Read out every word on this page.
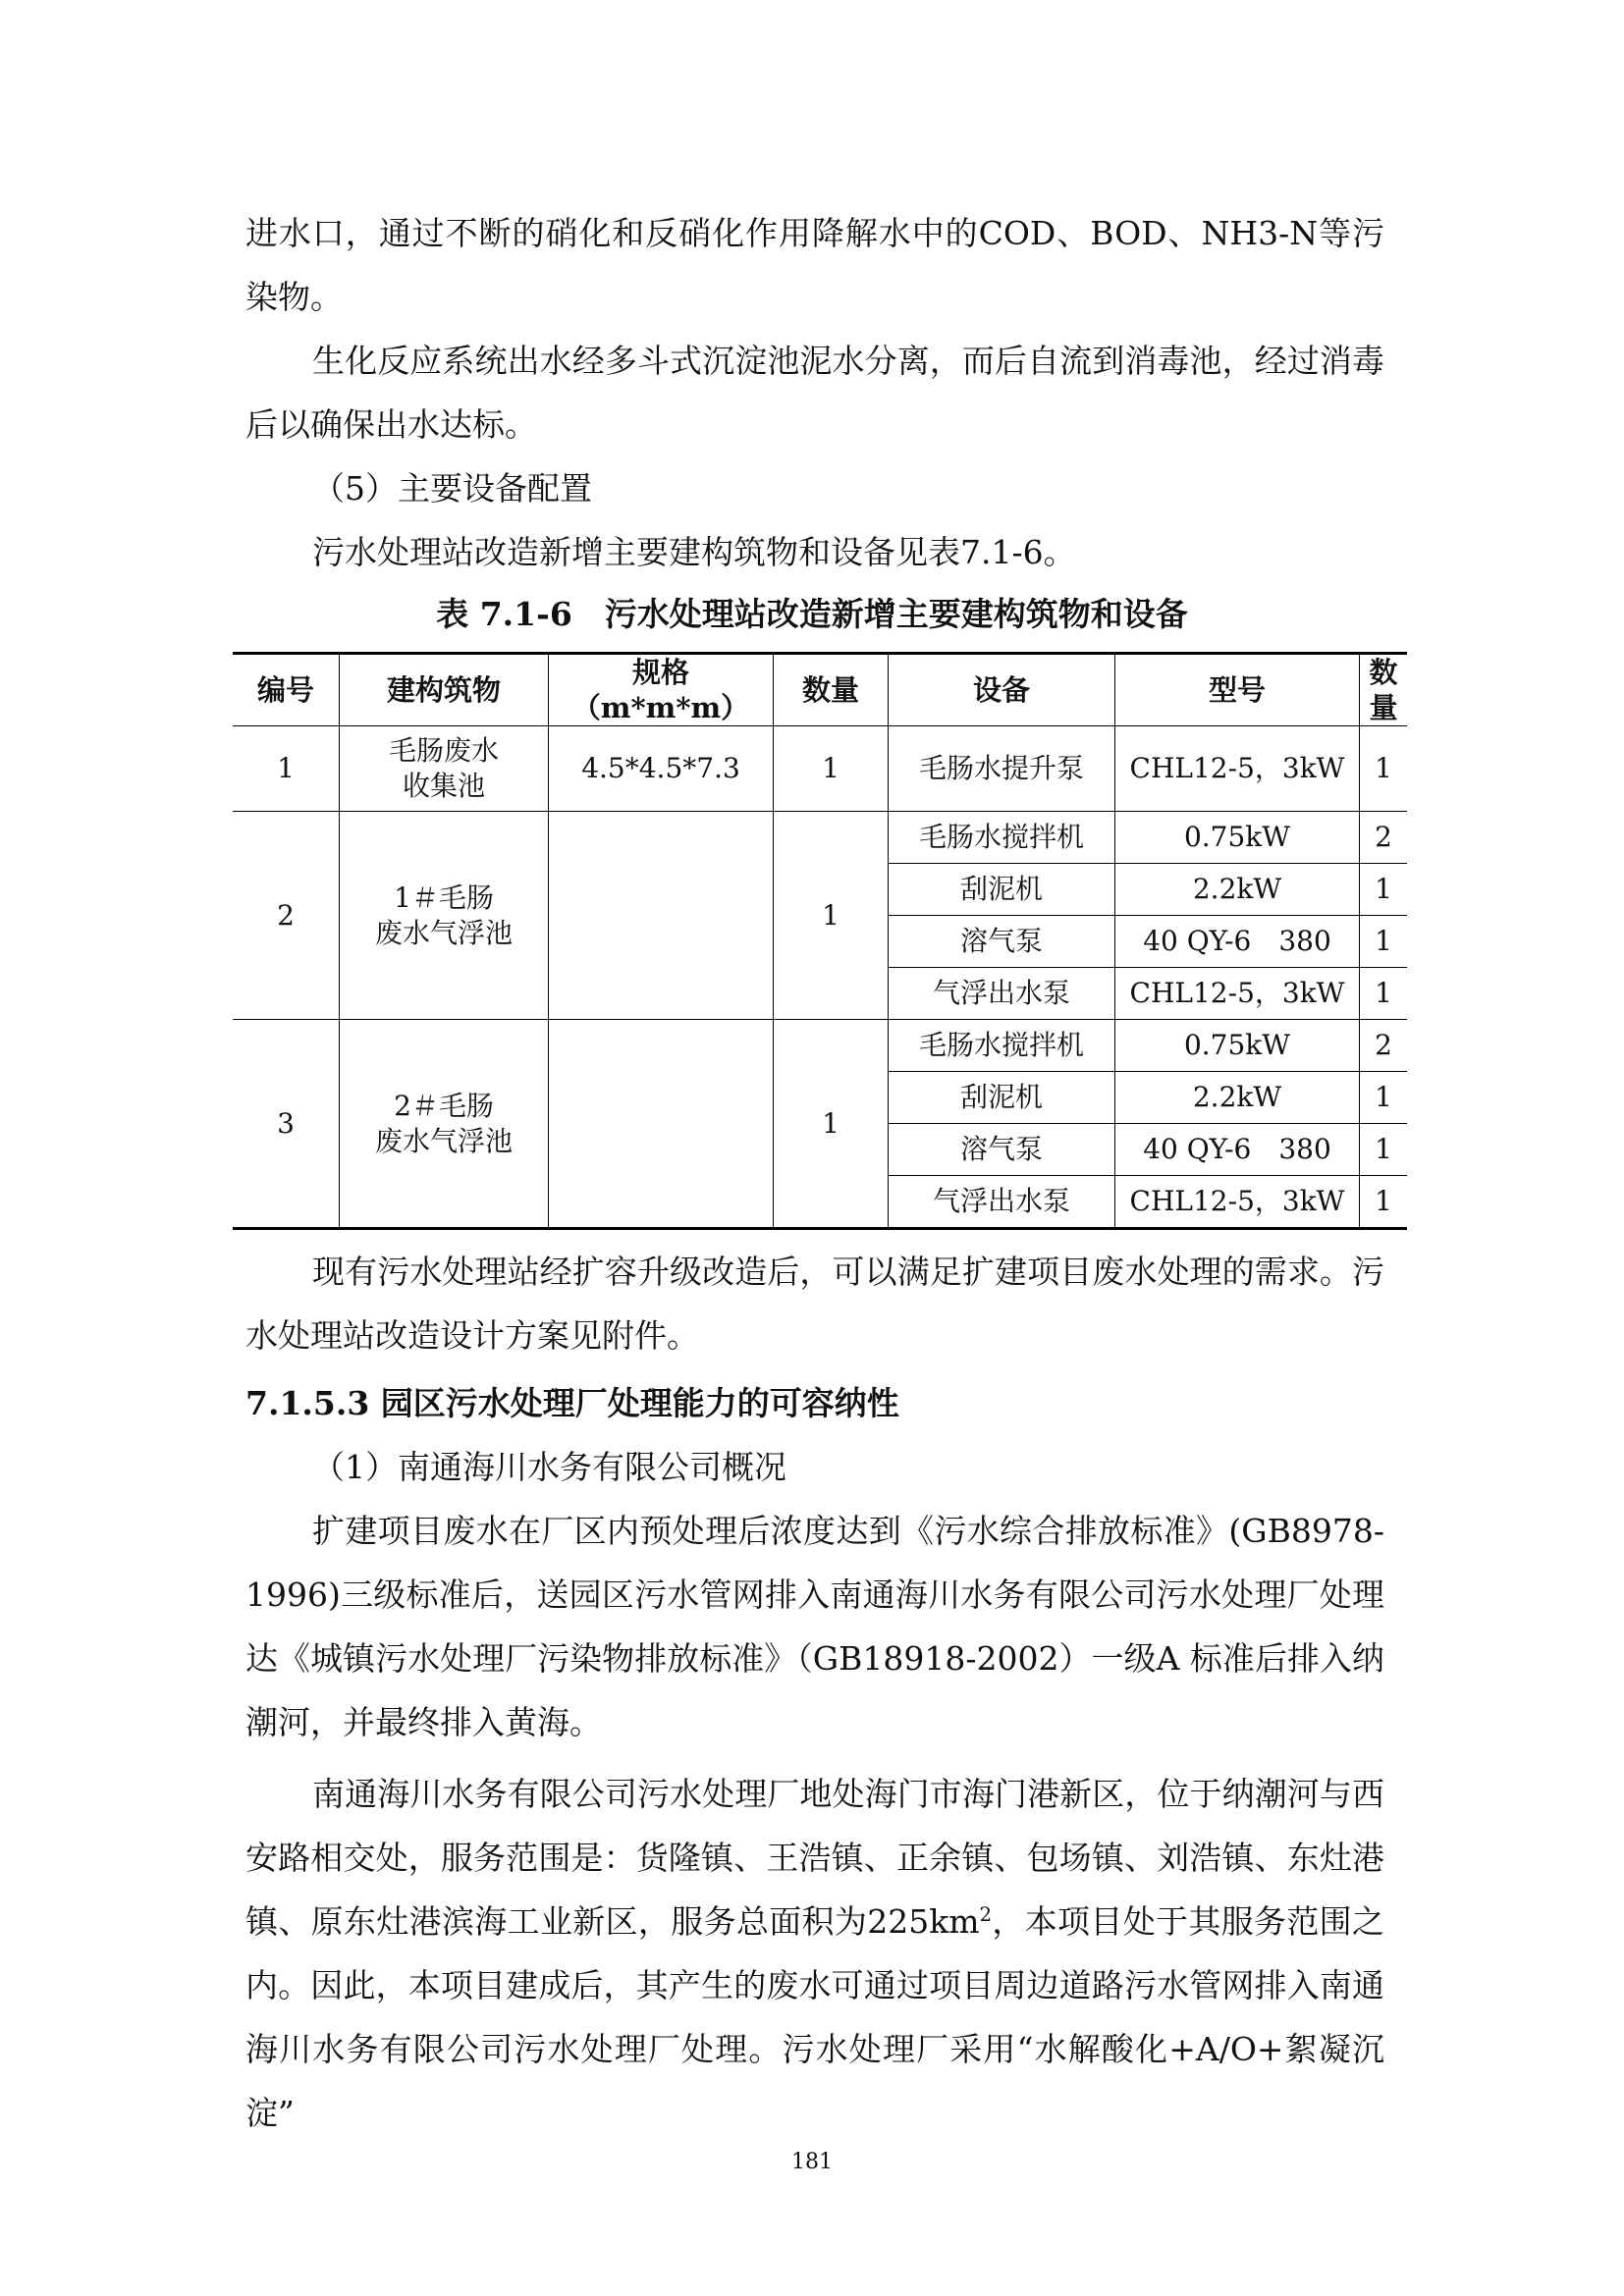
进水口，通过不断的硝化和反硝化作用降解水中的COD、BOD、NH3-N等污染物。

生化反应系统出水经多斗式沉淀池泥水分离，而后自流到消毒池，经过消毒后以确保出水达标。

（5）主要设备配置

污水处理站改造新增主要建构筑物和设备见表7.1-6。

表 7.1-6　污水处理站改造新增主要建构筑物和设备

编号	建构筑物	规格（m*m*m）	数量	设备	型号	数量
1	毛肠废水
收集池	4.5*4.5*7.3	1	毛肠水提升泵	CHL12-5，3kW	1
2	1＃毛肠
废水气浮池		1	毛肠水搅拌机	0.75kW	2
				刮泥机	2.2kW	1
				溶气泵	40 QY-6　380	1
				气浮出水泵	CHL12-5，3kW	1
3	2＃毛肠
废水气浮池		1	毛肠水搅拌机	0.75kW	2
				刮泥机	2.2kW	1
				溶气泵	40 QY-6　380	1
				气浮出水泵	CHL12-5，3kW	1

现有污水处理站经扩容升级改造后，可以满足扩建项目废水处理的需求。污水处理站改造设计方案见附件。

7.1.5.3 园区污水处理厂处理能力的可容纳性

（1）南通海川水务有限公司概况

扩建项目废水在厂区内预处理后浓度达到《污水综合排放标准》(GB8978-1996)三级标准后，送园区污水管网排入南通海川水务有限公司污水处理厂处理达《城镇污水处理厂污染物排放标准》（GB18918-2002）一级A 标准后排入纳潮河，并最终排入黄海。

南通海川水务有限公司污水处理厂地处海门市海门港新区，位于纳潮河与西安路相交处，服务范围是：货隆镇、王浩镇、正余镇、包场镇、刘浩镇、东灶港镇、原东灶港滨海工业新区，服务总面积为$225km^2$，本项目处于其服务范围之内。因此，本项目建成后，其产生的废水可通过项目周边道路污水管网排入南通海川水务有限公司污水处理厂处理。污水处理厂采用“水解酸化+A/O+絮凝沉淀”

181
